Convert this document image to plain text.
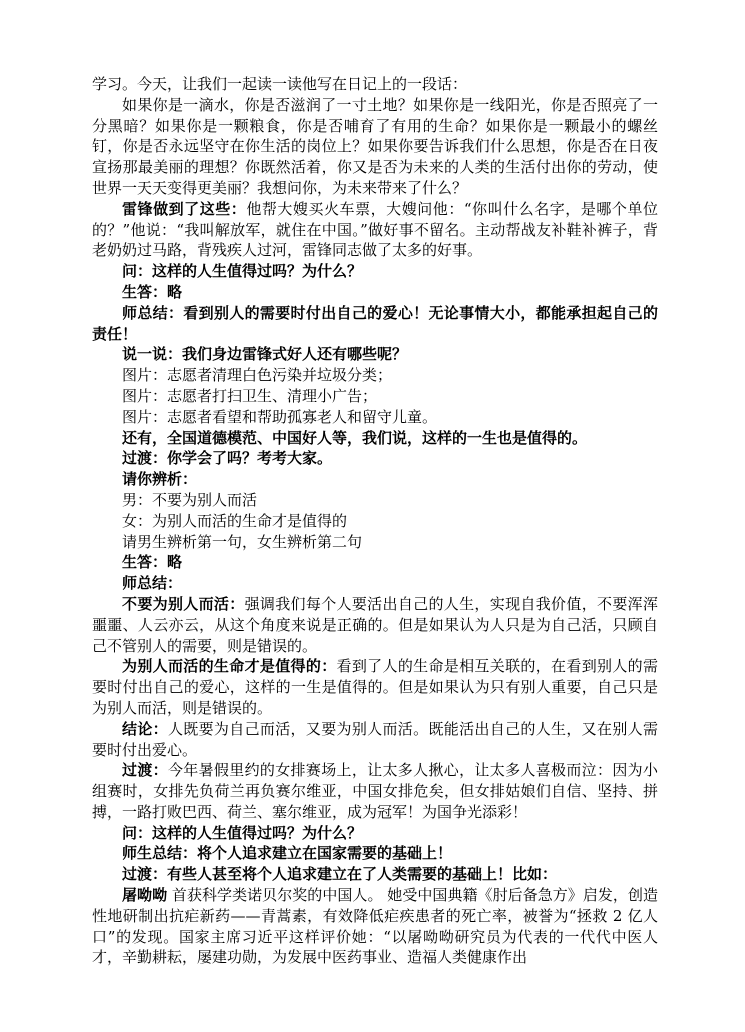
学习。今天，让我们一起读一读他写在日记上的一段话：

如果你是一滴水，你是否滋润了一寸土地？如果你是一线阳光，你是否照亮了一分黑暗？如果你是一颗粮食，你是否哺育了有用的生命？如果你是一颗最小的螺丝钉，你是否永远坚守在你生活的岗位上？如果你要告诉我们什么思想，你是否在日夜宣扬那最美丽的理想？你既然活着，你又是否为未来的人类的生活付出你的劳动，使世界一天天变得更美丽？我想问你，为未来带来了什么？

雷锋做到了这些：他帮大嫂买火车票，大嫂问他：“你叫什么名字，是哪个单位的？”他说：“我叫解放军，就住在中国。”做好事不留名。主动帮战友补鞋补裤子，背老奶奶过马路，背残疾人过河，雷锋同志做了太多的好事。

问：这样的人生值得过吗？为什么？

生答：略

师总结：看到别人的需要时付出自己的爱心！无论事情大小，都能承担起自己的责任！

说一说：我们身边雷锋式好人还有哪些呢？

图片：志愿者清理白色污染并垃圾分类；

图片：志愿者打扫卫生、清理小广告；

图片：志愿者看望和帮助孤寡老人和留守儿童。

还有，全国道德模范、中国好人等，我们说，这样的一生也是值得的。

过渡：你学会了吗？考考大家。

请你辨析：

男：不要为别人而活

女：为别人而活的生命才是值得的

请男生辨析第一句，女生辨析第二句

生答：略

师总结：

不要为别人而活：强调我们每个人要活出自己的人生，实现自我价值，不要浑浑噩噩、人云亦云，从这个角度来说是正确的。但是如果认为人只是为自己活，只顾自己不管别人的需要，则是错误的。

为别人而活的生命才是值得的：看到了人的生命是相互关联的，在看到别人的需要时付出自己的爱心，这样的一生是值得的。但是如果认为只有别人重要，自己只是为别人而活，则是错误的。

结论：人既要为自己而活，又要为别人而活。既能活出自己的人生，又在别人需要时付出爱心。

过渡：今年暑假里约的女排赛场上，让太多人揪心，让太多人喜极而泣：因为小组赛时，女排先负荷兰再负赛尔维亚，中国女排危矣，但女排姑娘们自信、坚持、拼搏，一路打败巴西、荷兰、塞尔维亚，成为冠军！为国争光添彩！

问：这样的人生值得过吗？为什么？

师生总结：将个人追求建立在国家需要的基础上！

过渡：有些人甚至将个人追求建立在了人类需要的基础上！比如：

屠呦呦 首获科学类诺贝尔奖的中国人。 她受中国典籍《肘后备急方》启发，创造性地研制出抗疟新药——青蒿素，有效降低疟疾患者的死亡率，被誉为“拯救 2 亿人口”的发现。国家主席习近平这样评价她：“以屠呦呦研究员为代表的一代代中医人才，辛勤耕耘，屡建功勋，为发展中医药事业、造福人类健康作出
